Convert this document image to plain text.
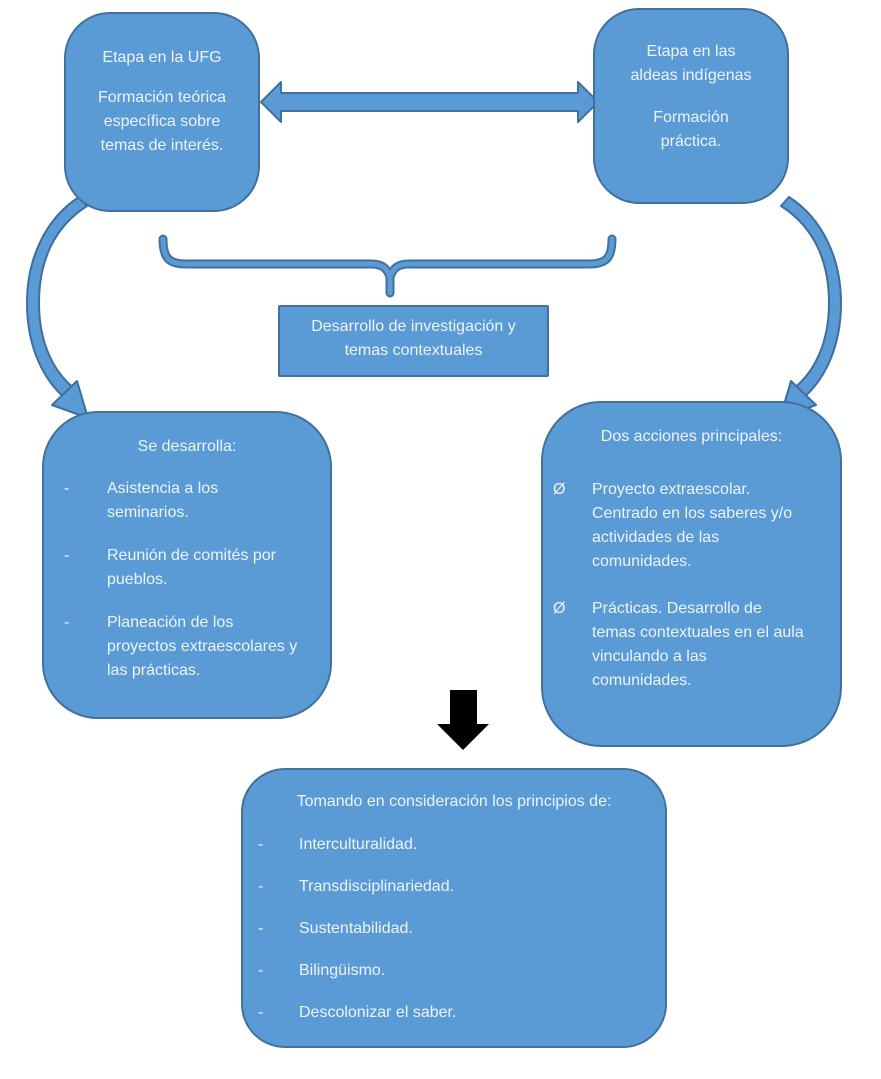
Etapa en la UFG
Formación teórica específica sobre temas de interés.
Etapa en las aldeas indígenas
Formación práctica.
Desarrollo de investigación y temas contextuales
Se desarrolla:
-	Asistencia a los seminarios.
-	Reunión de comités por pueblos.
-	Planeación de los proyectos extraescolares y las prácticas.
Dos acciones principales:
Ø	Proyecto extraescolar. Centrado en los saberes y/o actividades de las comunidades.
Ø	Prácticas. Desarrollo de temas contextuales en el aula vinculando a las comunidades.
Tomando en consideración los principios de:
-	Interculturalidad.
-	Transdisciplinariedad.
-	Sustentabilidad.
-	Bilingüismo.
-	Descolonizar el saber.
